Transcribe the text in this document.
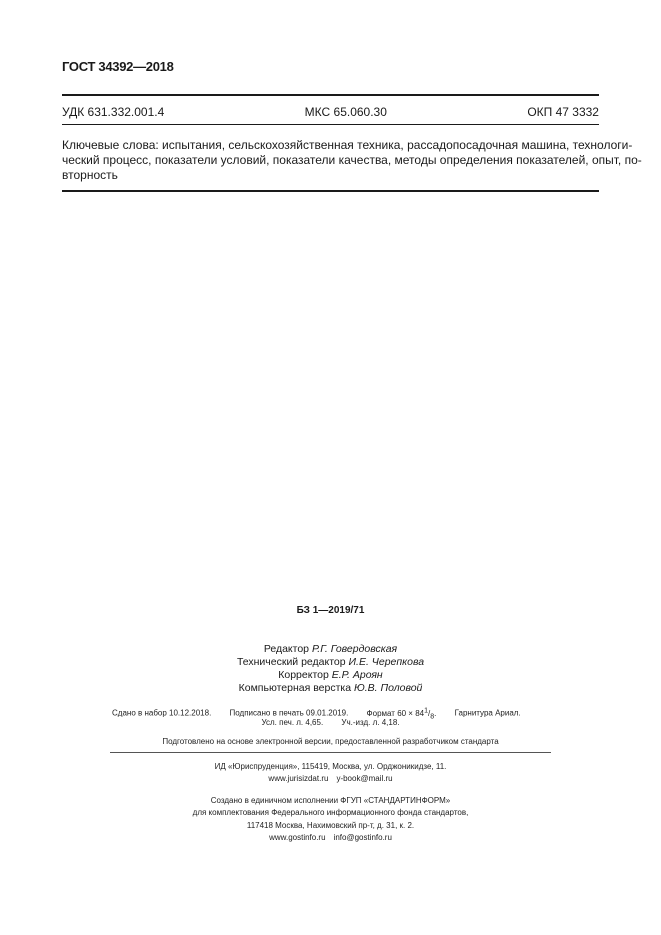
ГОСТ 34392—2018
УДК 631.332.001.4	МКС 65.060.30	ОКП 47 3332
Ключевые слова: испытания, сельскохозяйственная техника, рассадопосадочная машина, технологи-
ческий процесс, показатели условий, показатели качества, методы определения показателей, опыт, по-
вторность
БЗ 1—2019/71
Редактор Р.Г. Говердовская
Технический редактор И.Е. Черепкова
Корректор Е.Р. Ароян
Компьютерная верстка Ю.В. Половой
Сдано в набор 10.12.2018. Подписано в печать 09.01.2019. Формат $60 \times 84^1/_8$. Гарнитура Ариал.
Усл. печ. л. 4,65. Уч.-изд. л. 4,18.
Подготовлено на основе электронной версии, предоставленной разработчиком стандарта
ИД «Юриспруденция», 115419, Москва, ул. Орджоникидзе, 11.
www.jurisizdat.ru y-book@mail.ru
Создано в единичном исполнении ФГУП «СТАНДАРТИНФОРМ»
для комплектования Федерального информационного фонда стандартов,
117418 Москва, Нахимовский пр-т, д. 31, к. 2.
www.gostinfo.ru info@gostinfo.ru
